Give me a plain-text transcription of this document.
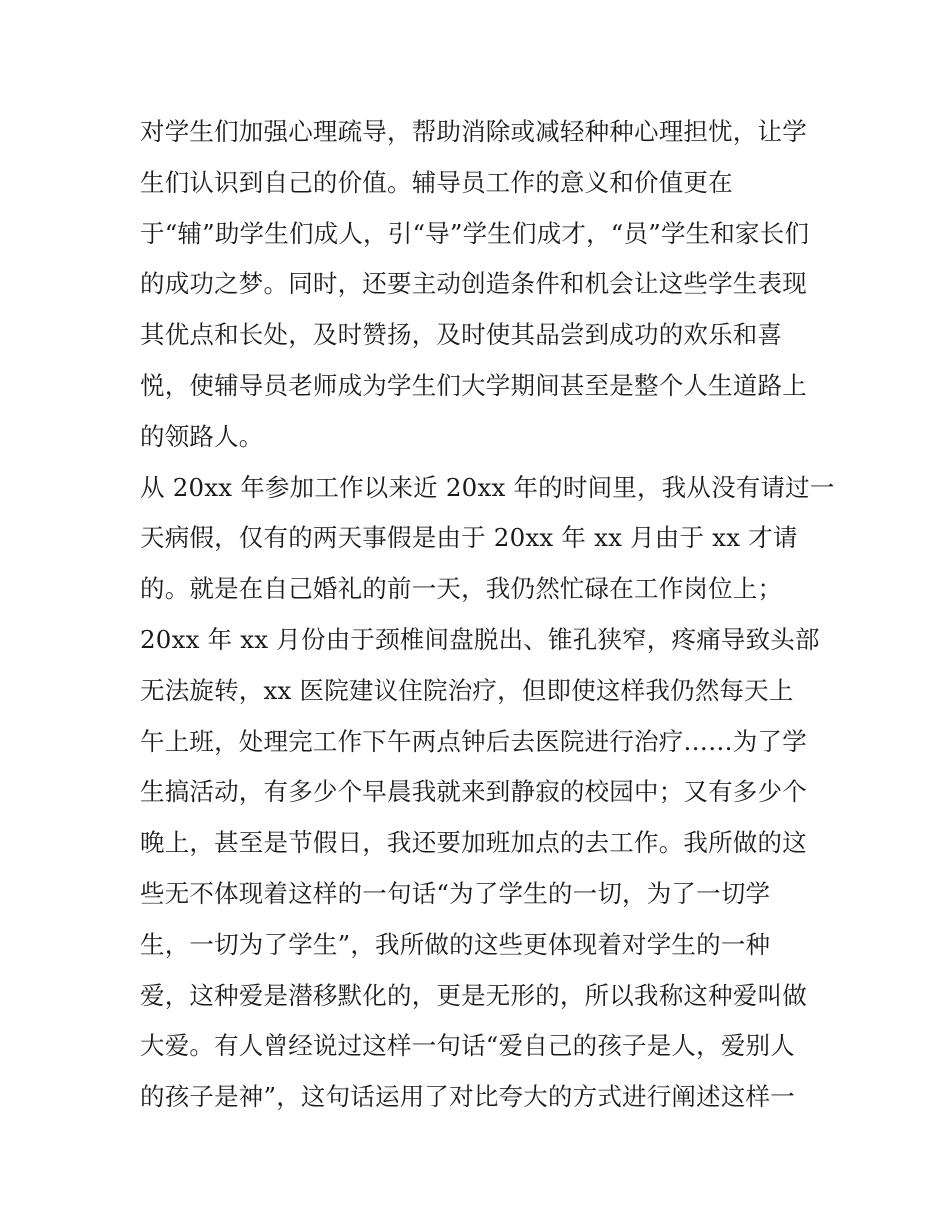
对学生们加强心理疏导，帮助消除或减轻种种心理担忧，让学
生们认识到自己的价值。辅导员工作的意义和价值更在
于“辅”助学生们成人，引“导”学生们成才，“员”学生和家长们
的成功之梦。同时，还要主动创造条件和机会让这些学生表现
其优点和长处，及时赞扬，及时使其品尝到成功的欢乐和喜
悦，使辅导员老师成为学生们大学期间甚至是整个人生道路上
的领路人。
从 20xx 年参加工作以来近 20xx 年的时间里，我从没有请过一
天病假，仅有的两天事假是由于 20xx 年 xx 月由于 xx 才请
的。就是在自己婚礼的前一天，我仍然忙碌在工作岗位上；
20xx 年 xx 月份由于颈椎间盘脱出、锥孔狭窄，疼痛导致头部
无法旋转，xx 医院建议住院治疗，但即使这样我仍然每天上
午上班，处理完工作下午两点钟后去医院进行治疗……为了学
生搞活动，有多少个早晨我就来到静寂的校园中；又有多少个
晚上，甚至是节假日，我还要加班加点的去工作。我所做的这
些无不体现着这样的一句话“为了学生的一切，为了一切学
生，一切为了学生”，我所做的这些更体现着对学生的一种
爱，这种爱是潜移默化的，更是无形的，所以我称这种爱叫做
大爱。有人曾经说过这样一句话“爱自己的孩子是人，爱别人
的孩子是神”，这句话运用了对比夸大的方式进行阐述这样一
